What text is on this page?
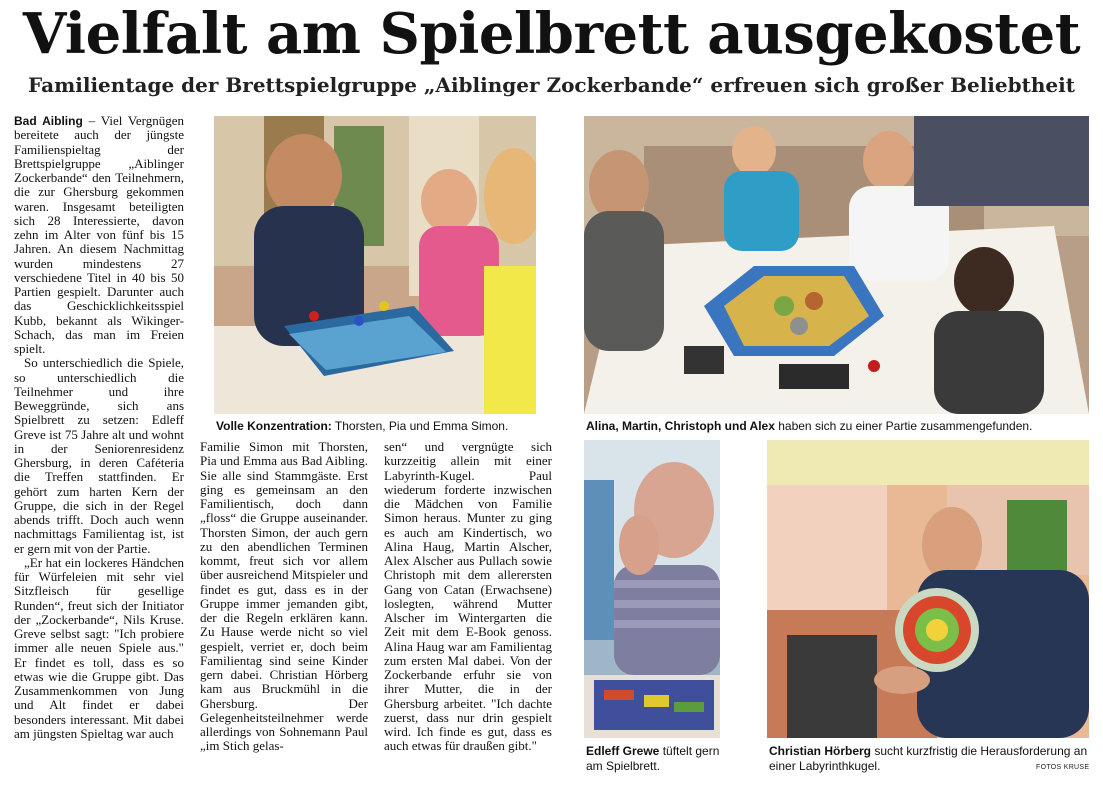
Vielfalt am Spielbrett ausgekostet
Familientage der Brettspielgruppe „Aiblinger Zockerbande“ erfreuen sich großer Beliebtheit

Bad Aibling – Viel Vergnügen bereitete auch der jüngste Familienspieltag der Brettspielgruppe „Aiblinger Zockerbande“ den Teilnehmern, die zur Ghersburg gekommen waren. Insgesamt beteiligten sich 28 Interessierte, davon zehn im Alter von fünf bis 15 Jahren. An diesem Nachmittag wurden mindestens 27 verschiedene Titel in 40 bis 50 Partien gespielt. Darunter auch das Geschicklichkeitsspiel Kubb, bekannt als Wikinger-Schach, das man im Freien spielt.

So unterschiedlich die Spiele, so unterschiedlich die Teilnehmer und ihre Beweggründe, sich ans Spielbrett zu setzen: Edleff Greve ist 75 Jahre alt und wohnt in der Seniorenresidenz Ghersburg, in deren Caféteria die Treffen stattfinden. Er gehört zum harten Kern der Gruppe, die sich in der Regel abends trifft. Doch auch wenn nachmittags Familientag ist, ist er gern mit von der Partie.

„Er hat ein lockeres Händchen für Würfeleien mit sehr viel Sitzfleisch für gesellige Runden“, freut sich der Initiator der „Zockerbande“, Nils Kruse. Greve selbst sagt: "Ich probiere immer alle neuen Spiele aus." Er findet es toll, dass es so etwas wie die Gruppe gibt. Das Zusammenkommen von Jung und Alt findet er dabei besonders interessant. Mit dabei am jüngsten Spieltag war auch

Familie Simon mit Thorsten, Pia und Emma aus Bad Aibling. Sie alle sind Stammgäste. Erst ging es gemeinsam an den Familientisch, doch dann „floss“ die Gruppe auseinander. Thorsten Simon, der auch gern zu den abendlichen Terminen kommt, freut sich vor allem über ausreichend Mitspieler und findet es gut, dass es in der Gruppe immer jemanden gibt, der die Regeln erklären kann. Zu Hause werde nicht so viel gespielt, verriet er, doch beim Familientag sind seine Kinder gern dabei. Christian Hörberg kam aus Bruckmühl in die Ghersburg. Der Gelegenheitsteilnehmer werde allerdings von Sohnemann Paul „im Stich gelas-

sen“ und vergnügte sich kurzzeitig allein mit einer Labyrinth-Kugel. Paul wiederum forderte inzwischen die Mädchen von Familie Simon heraus. Munter zu ging es auch am Kindertisch, wo Alina Haug, Martin Alscher, Alex Alscher aus Pullach sowie Christoph mit dem allerersten Gang von Catan (Erwachsene) loslegten, während Mutter Alscher im Wintergarten die Zeit mit dem E-Book genoss. Alina Haug war am Familientag zum ersten Mal dabei. Von der Zockerbande erfuhr sie von ihrer Mutter, die in der Ghersburg arbeitet. "Ich dachte zuerst, dass nur drin gespielt wird. Ich finde es gut, dass es auch etwas für draußen gibt."

Volle Konzentration: Thorsten, Pia und Emma Simon.	Alina, Martin, Christoph und Alex haben sich zu einer Partie zusammengefunden.
Edleff Grewe tüftelt gern am Spielbrett.
Christian Hörberg sucht kurzfristig die Herausforderung an einer Labyrinthkugel.	FOTOS KRUSE
